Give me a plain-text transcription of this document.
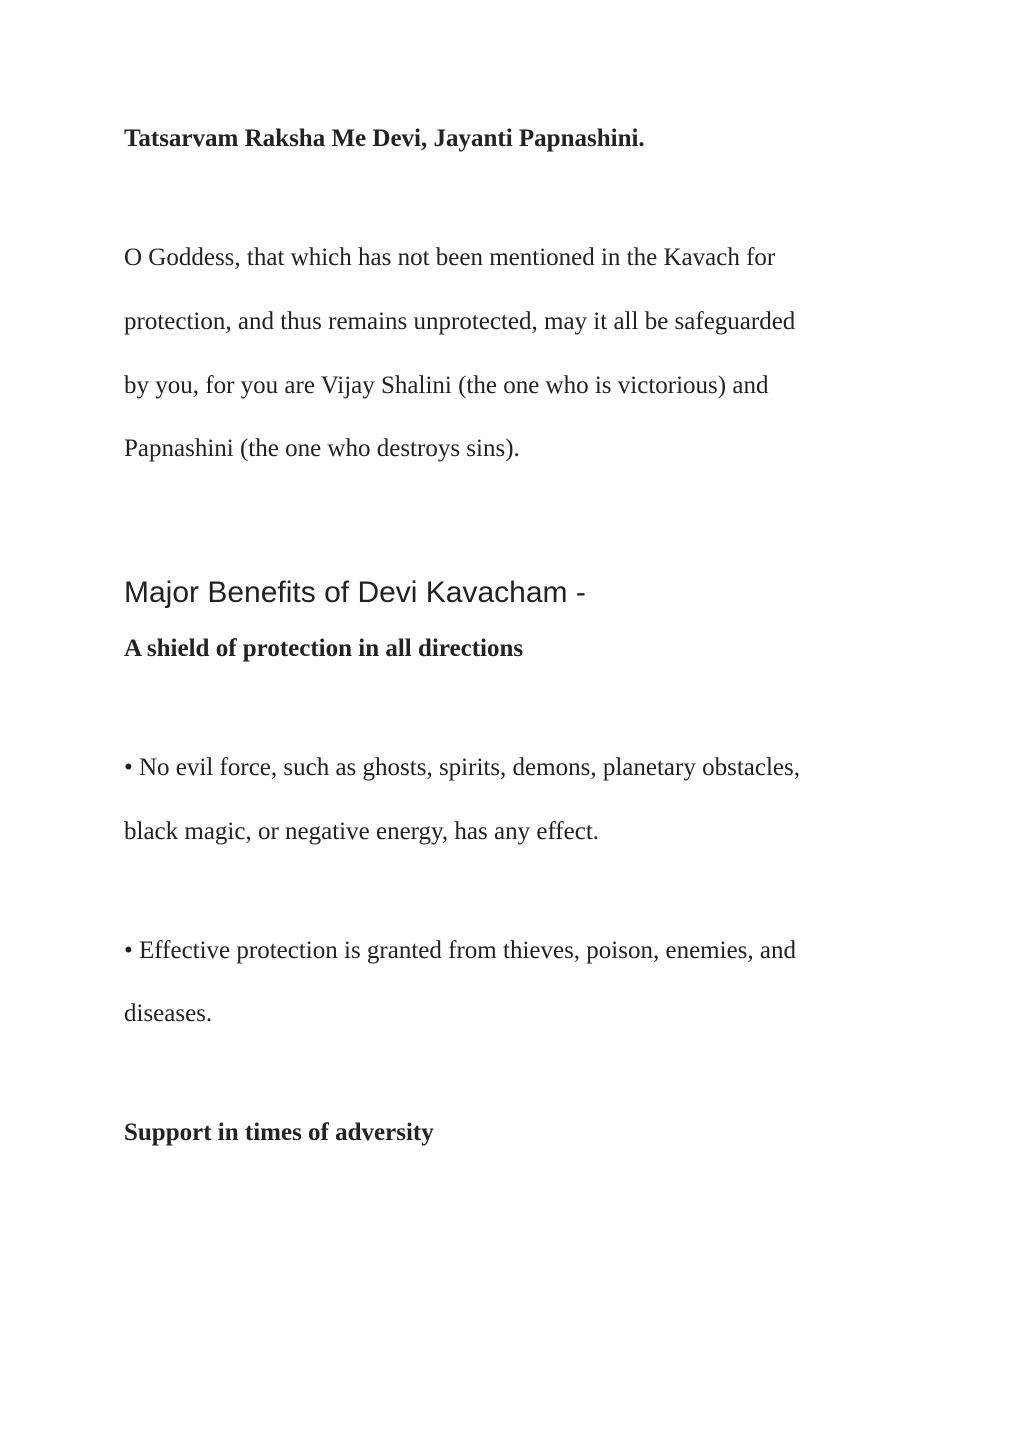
Tatsarvam Raksha Me Devi, Jayanti Papnashini.
O Goddess, that which has not been mentioned in the Kavach for
protection, and thus remains unprotected, may it all be safeguarded
by you, for you are Vijay Shalini (the one who is victorious) and
Papnashini (the one who destroys sins).
Major Benefits of Devi Kavacham -
A shield of protection in all directions
• No evil force, such as ghosts, spirits, demons, planetary obstacles,
black magic, or negative energy, has any effect.
• Effective protection is granted from thieves, poison, enemies, and
diseases.
Support in times of adversity
